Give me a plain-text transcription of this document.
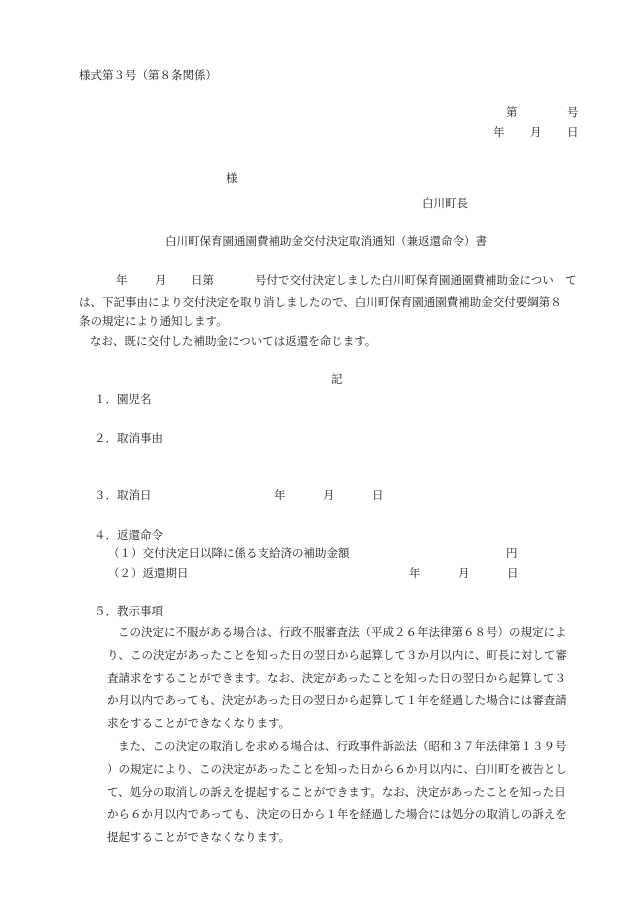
様式第３号（第８条関係）
第	号
年 月 日
様
白川町長
白川町保育園通園費補助金交付決定取消通知（兼返還命令）書
年 月 日第	号付で交付決定しました白川町保育園通園費補助金につい　て
は、下記事由により交付決定を取り消しましたので、白川町保育園通園費補助金交付要綱第８
条の規定により通知します。
なお、既に交付した補助金については返還を命じます。
記
１．園児名
２．取消事由
３．取消日	年	月	日
４．返還命令
（１）交付決定日以降に係る支給済の補助金額	円
（２）返還期日	年	月	日
５．教示事項
この決定に不服がある場合は、行政不服審査法（平成２６年法律第６８号）の規定によ
り、この決定があったことを知った日の翌日から起算して３か月以内に、町長に対して審
査請求をすることができます。なお、決定があったことを知った日の翌日から起算して３
か月以内であっても、決定があった日の翌日から起算して１年を経過した場合には審査請
求をすることができなくなります。
また、この決定の取消しを求める場合は、行政事件訴訟法（昭和３７年法律第１３９号
）の規定により、この決定があったことを知った日から６か月以内に、白川町を被告とし
て、処分の取消しの訴えを提起することができます。なお、決定があったことを知った日
から６か月以内であっても、決定の日から１年を経過した場合には処分の取消しの訴えを
提起することができなくなります。
